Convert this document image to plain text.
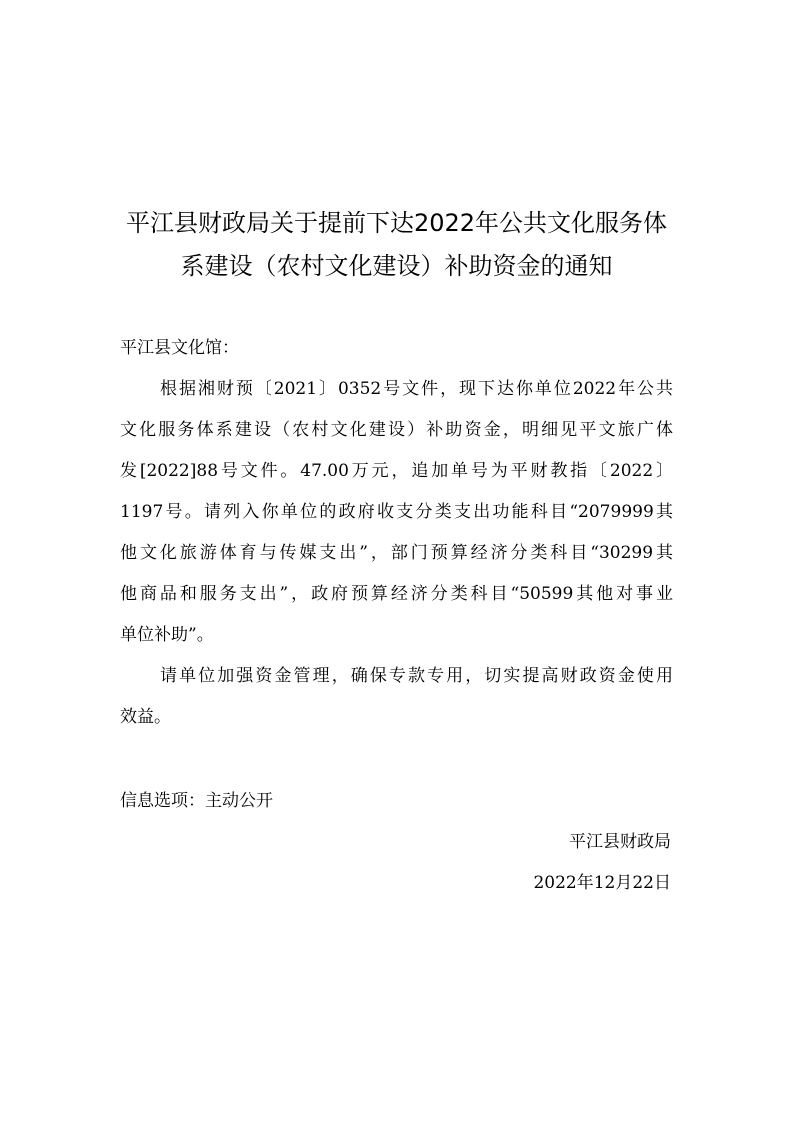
平江县财政局关于提前下达2022年公共文化服务体
系建设（农村文化建设）补助资金的通知

平江县文化馆：

根据湘财预〔2021〕0352号文件，现下达你单位2022年公共

文化服务体系建设（农村文化建设）补助资金，明细见平文旅广体

发[2022]88号文件。47.00万元，追加单号为平财教指〔2022〕

1197号。请列入你单位的政府收支分类支出功能科目“2079999其

他文化旅游体育与传媒支出”，部门预算经济分类科目“30299其

他商品和服务支出”，政府预算经济分类科目“50599其他对事业

单位补助”。

请单位加强资金管理，确保专款专用，切实提高财政资金使用

效益。

信息选项：主动公开

平江县财政局

2022年12月22日
